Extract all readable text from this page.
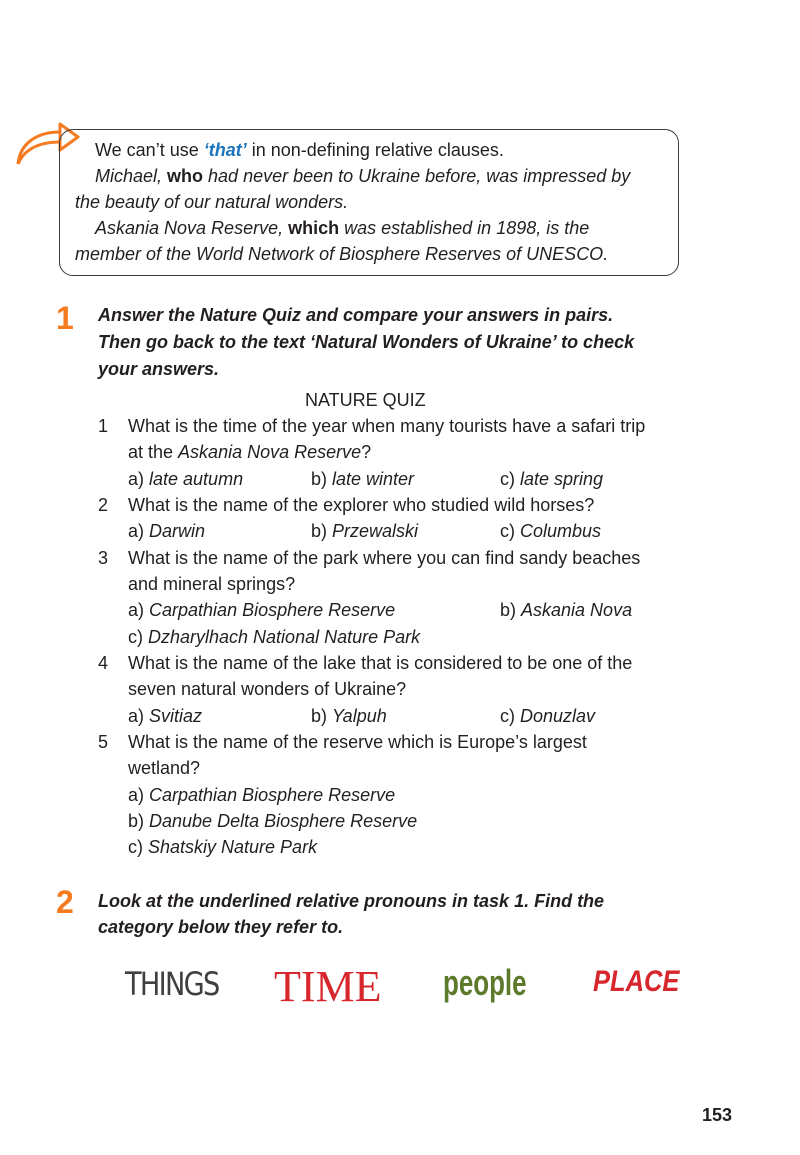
We can’t use ‘that’ in non-defining relative clauses.
Michael, who had never been to Ukraine before, was impressed by
the beauty of our natural wonders.
Askania Nova Reserve, which was established in 1898, is the
member of the World Network of Biosphere Reserves of UNESCO.
1 Answer the Nature Quiz and compare your answers in pairs.
Then go back to the text ‘Natural Wonders of Ukraine’ to check
your answers.
NATURE QUIZ
1 What is the time of the year when many tourists have a safari trip
at the Askania Nova Reserve?
a) late autumn	b) late winter	c) late spring
2 What is the name of the explorer who studied wild horses?
a) Darwin	b) Przewalski	c) Columbus
3 What is the name of the park where you can find sandy beaches
and mineral springs?
a) Carpathian Biosphere Reserve	b) Askania Nova
c) Dzharylhach National Nature Park
4 What is the name of the lake that is considered to be one of the
seven natural wonders of Ukraine?
a) Svitiaz	b) Yalpuh	c) Donuzlav
5 What is the name of the reserve which is Europe’s largest
wetland?
a) Carpathian Biosphere Reserve
b) Danube Delta Biosphere Reserve
c) Shatskiy Nature Park
2 Look at the underlined relative pronouns in task 1. Find the
category below they refer to.
THINGS TIME people PLACE
153
